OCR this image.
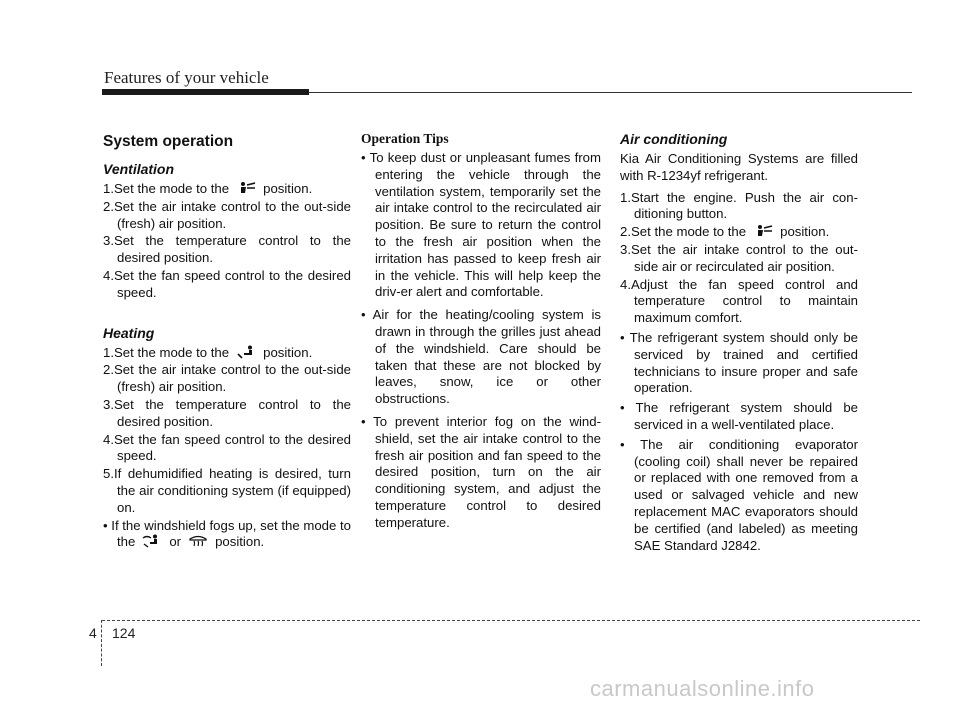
Features of your vehicle
System operation
Ventilation
1.Set the mode to the	position.
2.Set the air intake control to the out-side (fresh) air position.
3.Set the temperature control to the desired position.
4.Set the fan speed control to the desired speed.
Heating
1.Set the mode to the	position.
2.Set the air intake control to the out-side (fresh) air position.
3.Set the temperature control to the desired position.
4.Set the fan speed control to the desired speed.
5.If dehumidified heating is desired, turn the air conditioning system (if equipped) on.
• If the windshield fogs up, set the mode to the	or	position.
Operation Tips
• To keep dust or unpleasant fumes from entering the vehicle through the ventilation system, temporarily set the air intake control to the recirculated air position. Be sure to return the control to the fresh air position when the irritation has passed to keep fresh air in the vehicle. This will help keep the driv-er alert and comfortable.
• Air for the heating/cooling system is drawn in through the grilles just ahead of the windshield. Care should be taken that these are not blocked by leaves, snow, ice or other obstructions.
• To prevent interior fog on the wind-shield, set the air intake control to the fresh air position and fan speed to the desired position, turn on the air conditioning system, and adjust the temperature control to desired temperature.
Air conditioning
Kia Air Conditioning Systems are filled with R-1234yf refrigerant.
1.Start the engine. Push the air con-ditioning button.
2.Set the mode to the	position.
3.Set the air intake control to the out-side air or recirculated air position.
4.Adjust the fan speed control and temperature control to maintain maximum comfort.
• The refrigerant system should only be serviced by trained and certified technicians to insure proper and safe operation.
• The refrigerant system should be serviced in a well-ventilated place.
• The air conditioning evaporator (cooling coil) shall never be repaired or replaced with one removed from a used or salvaged vehicle and new replacement MAC evaporators should be certified (and labeled) as meeting SAE Standard J2842.
4 124
carmanualsonline.info
